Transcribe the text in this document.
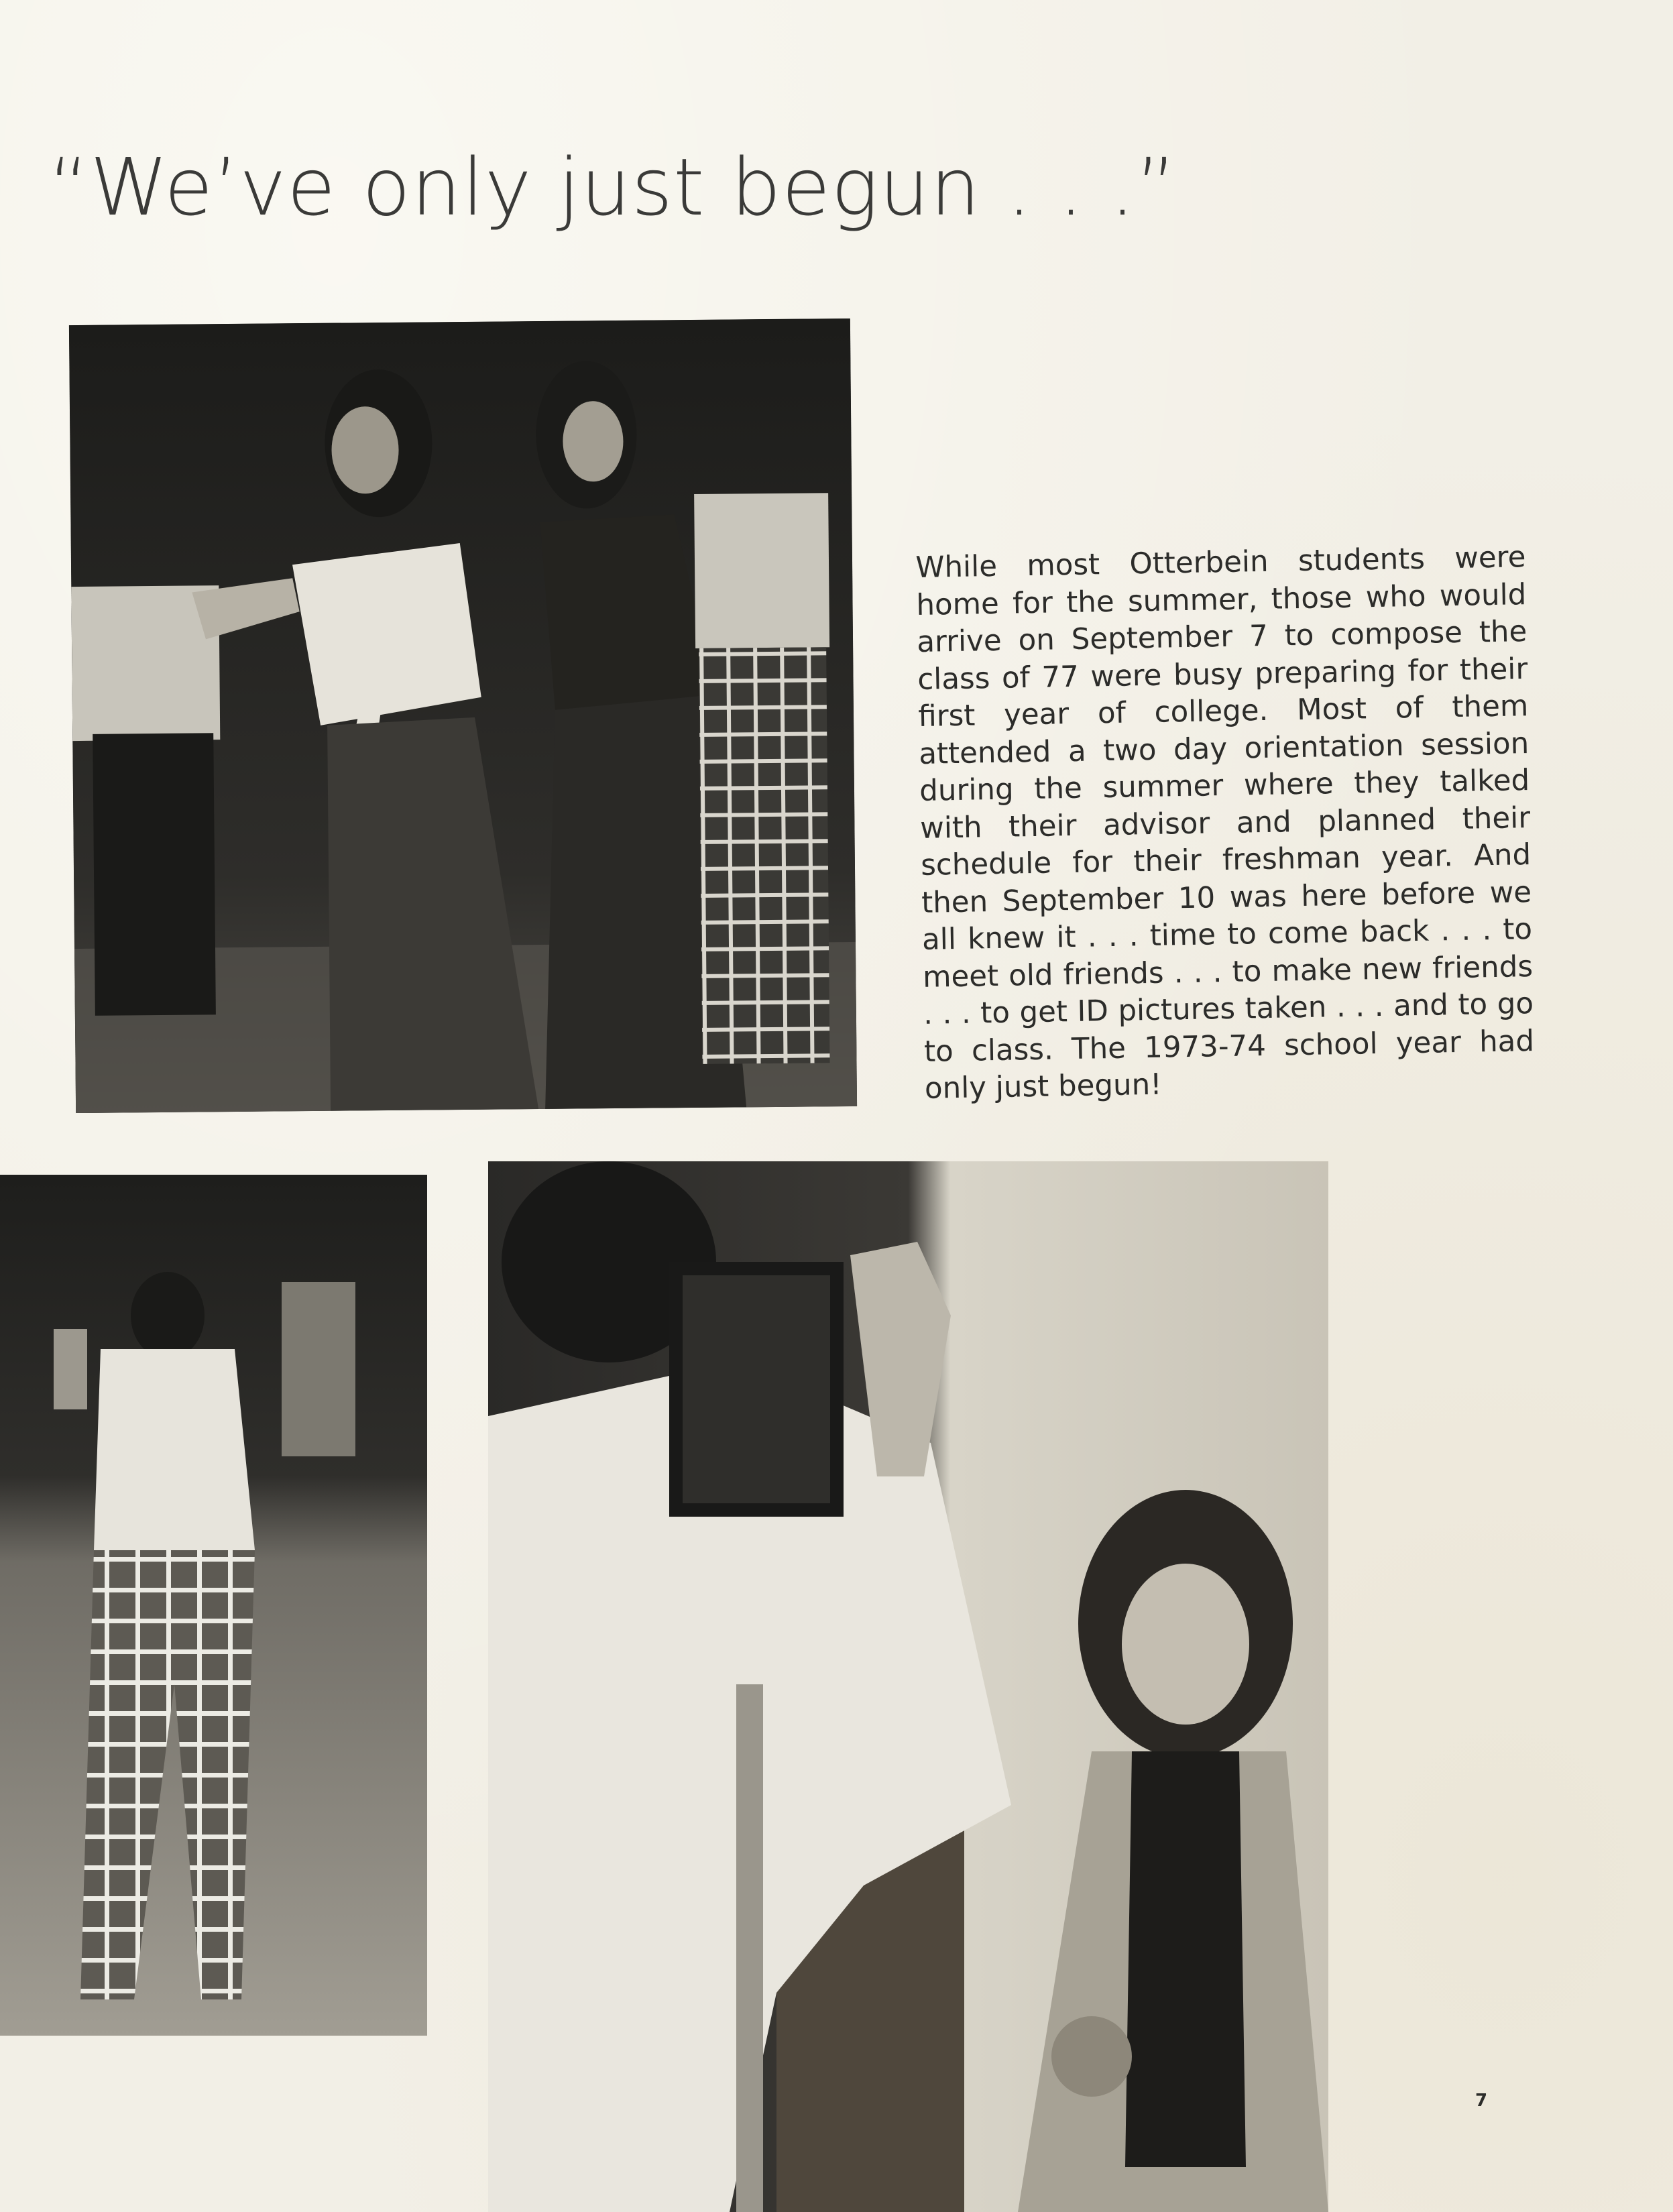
“We’ve only just begun . . .”

While most Otterbein students were home for the summer, those who would arrive on September 7 to compose the class of 77 were busy preparing for their first year of college. Most of them attended a two day orientation session during the summer where they talked with their advisor and planned their schedule for their freshman year. And then September 10 was here before we all knew it . . . time to come back . . . to meet old friends . . . to make new friends . . . to get ID pictures taken . . . and to go to class. The 1973-74 school year had only just begun!

7
